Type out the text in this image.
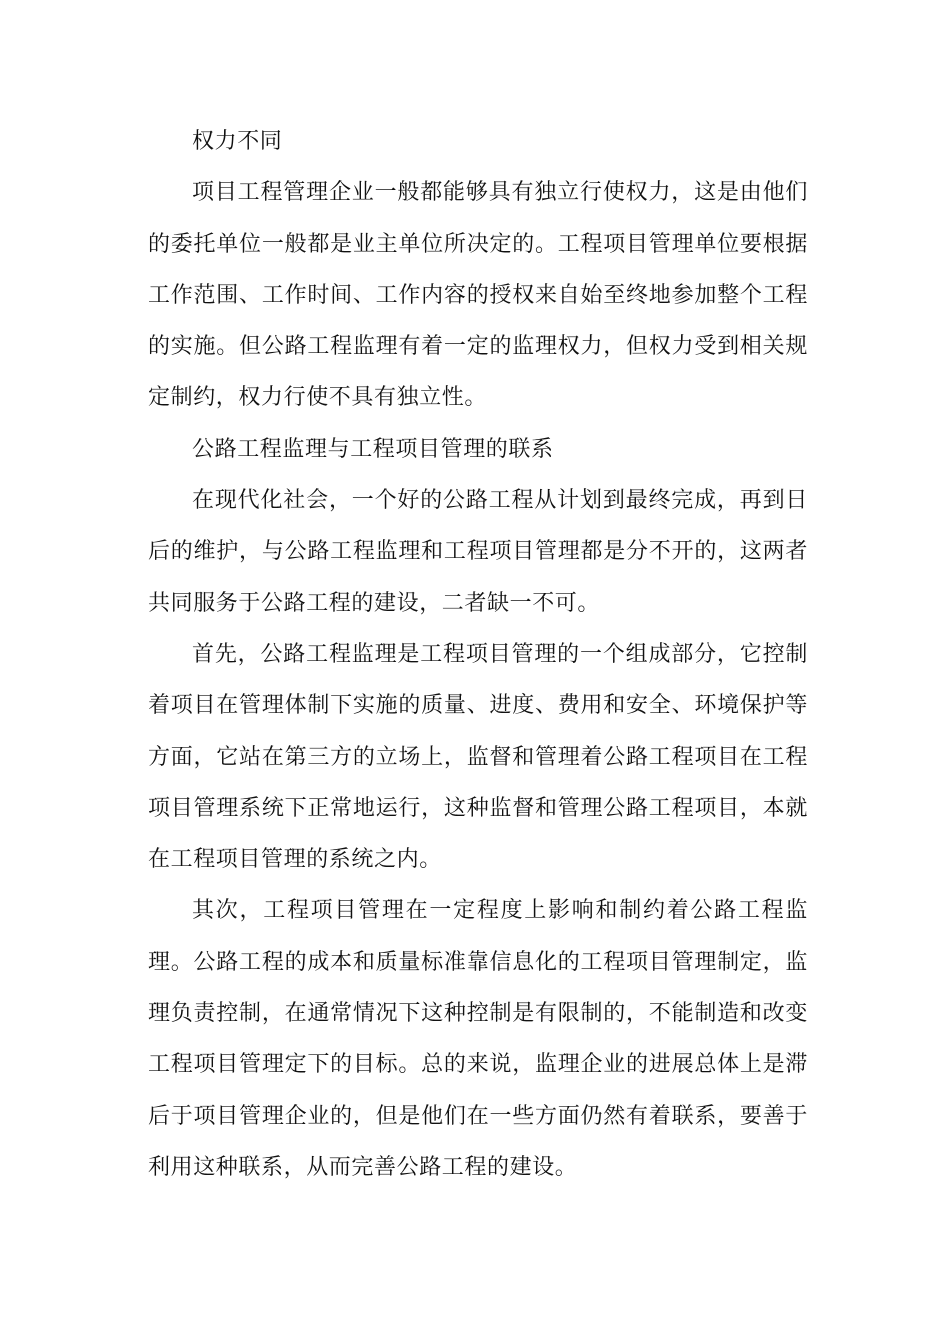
权力不同

项目工程管理企业一般都能够具有独立行使权力，这是由他们的委托单位一般都是业主单位所决定的。工程项目管理单位要根据工作范围、工作时间、工作内容的授权来自始至终地参加整个工程的实施。但公路工程监理有着一定的监理权力，但权力受到相关规定制约，权力行使不具有独立性。

公路工程监理与工程项目管理的联系

在现代化社会，一个好的公路工程从计划到最终完成，再到日后的维护，与公路工程监理和工程项目管理都是分不开的，这两者共同服务于公路工程的建设，二者缺一不可。

首先，公路工程监理是工程项目管理的一个组成部分，它控制着项目在管理体制下实施的质量、进度、费用和安全、环境保护等方面，它站在第三方的立场上，监督和管理着公路工程项目在工程项目管理系统下正常地运行，这种监督和管理公路工程项目，本就在工程项目管理的系统之内。

其次，工程项目管理在一定程度上影响和制约着公路工程监理。公路工程的成本和质量标准靠信息化的工程项目管理制定，监理负责控制，在通常情况下这种控制是有限制的，不能制造和改变工程项目管理定下的目标。总的来说，监理企业的进展总体上是滞后于项目管理企业的，但是他们在一些方面仍然有着联系，要善于利用这种联系，从而完善公路工程的建设。
